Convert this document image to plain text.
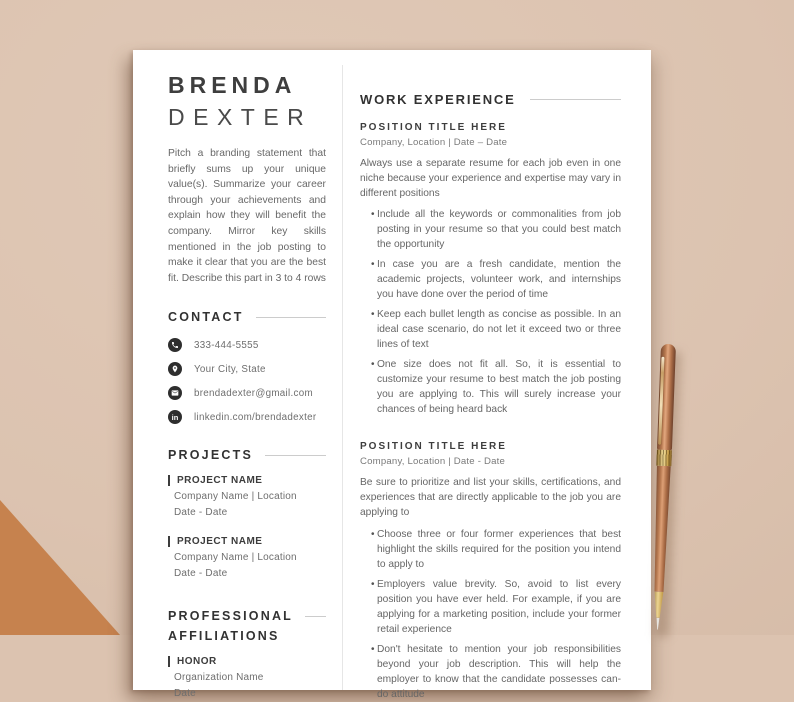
BRENDA
DEXTER

Pitch a branding statement that briefly sums up your unique value(s). Summarize your career through your achievements and explain how they will benefit the company. Mirror key skills mentioned in the job posting to make it clear that you are the best fit. Describe this part in 3 to 4 rows

CONTACT
333-444-5555
Your City, State
brendadexter@gmail.com
in linkedin.com/brendadexter
PROJECTS
PROJECT NAME
Company Name | Location
Date - Date
PROJECT NAME
Company Name | Location
Date - Date
PROFESSIONAL
AFFILIATIONS
HONOR
Organization Name
Date
WORK EXPERIENCE
POSITION TITLE HERE
Company, Location | Date – Date

Always use a separate resume for each job even in one niche because your experience and expertise may vary in different positions

• Include all the keywords or commonalities from job posting in your resume so that you could best match the opportunity
• In case you are a fresh candidate, mention the academic projects, volunteer work, and internships you have done over the period of time
• Keep each bullet length as concise as possible. In an ideal case scenario, do not let it exceed two or three lines of text
• One size does not fit all. So, it is essential to customize your resume to best match the job posting you are applying to. This will surely increase your chances of being heard back
POSITION TITLE HERE
Company, Location | Date - Date

Be sure to prioritize and list your skills, certifications, and experiences that are directly applicable to the job you are applying to

• Choose three or four former experiences that best highlight the skills required for the position you intend to apply to
• Employers value brevity. So, avoid to list every position you have ever held. For example, if you are applying for a marketing position, include your former retail experience
• Don't hesitate to mention your job responsibilities beyond your job description. This will help the employer to know that the candidate possesses can-do attitude
